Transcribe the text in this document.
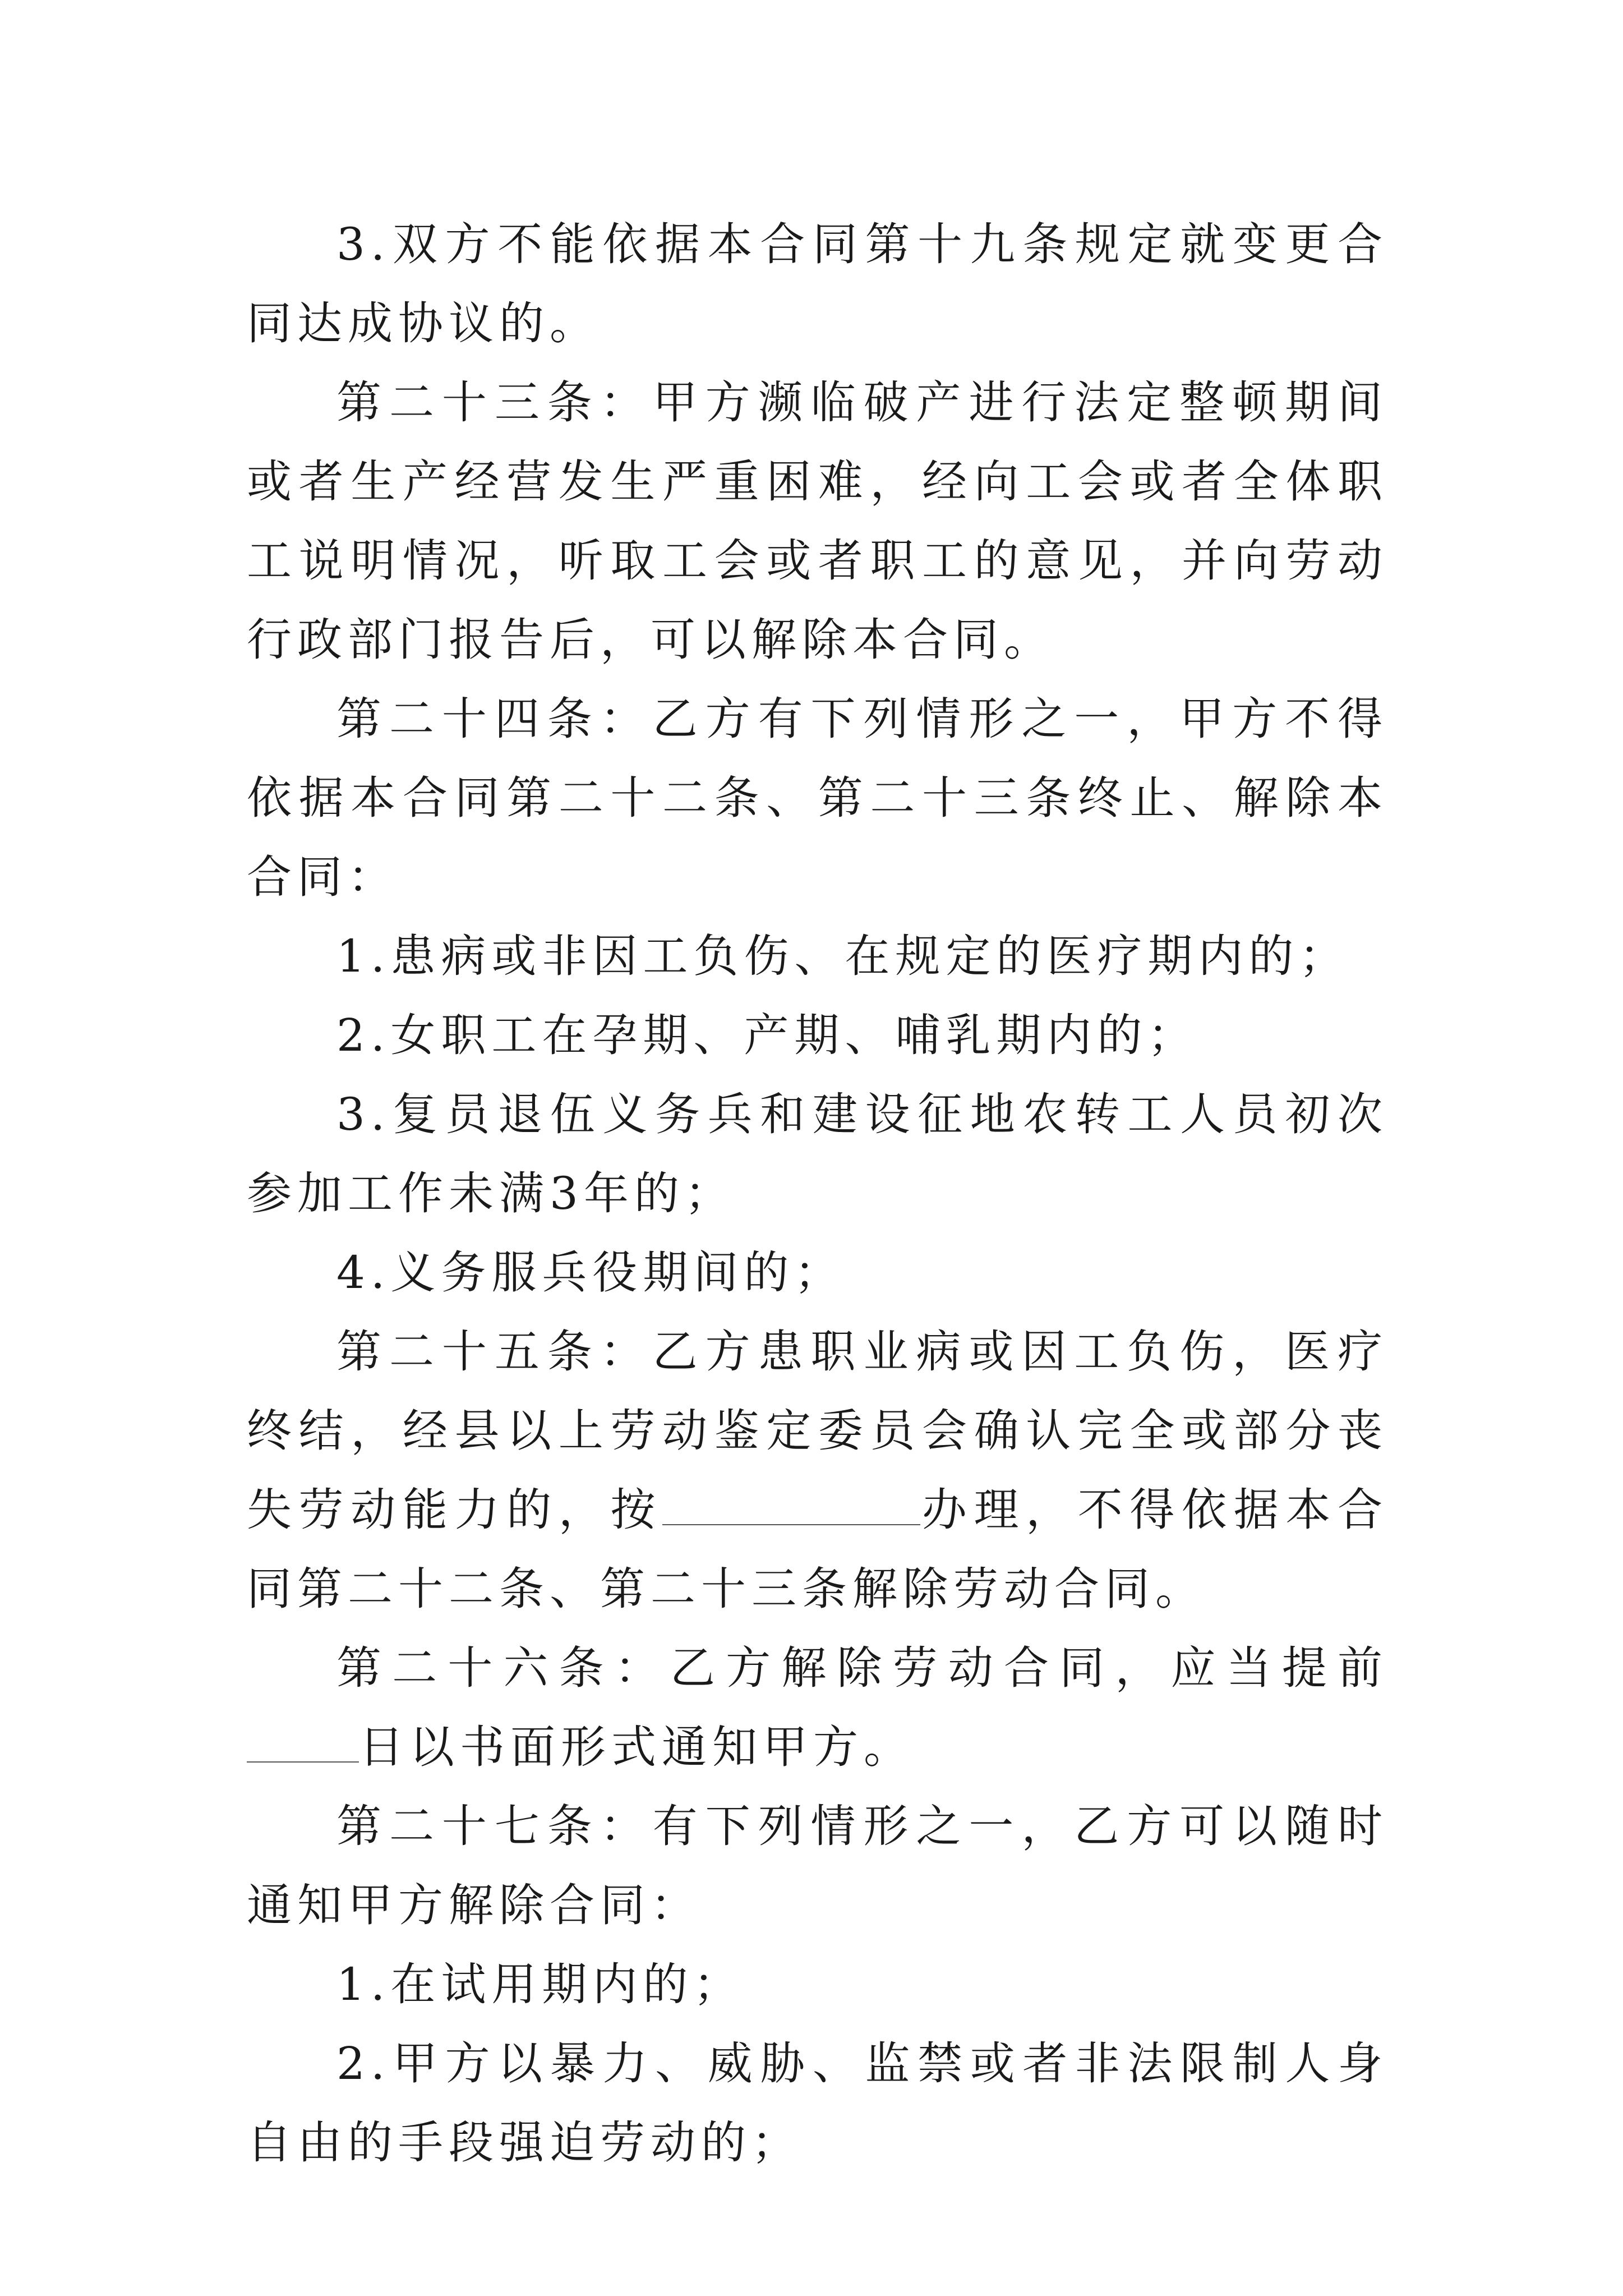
3.双方不能依据本合同第十九条规定就变更合同达成协议的。

第二十三条：甲方濒临破产进行法定整顿期间或者生产经营发生严重困难，经向工会或者全体职工说明情况，听取工会或者职工的意见，并向劳动行政部门报告后，可以解除本合同。

第二十四条：乙方有下列情形之一，甲方不得依据本合同第二十二条、第二十三条终止、解除本合同：

1.患病或非因工负伤、在规定的医疗期内的；

2.女职工在孕期、产期、哺乳期内的；

3.复员退伍义务兵和建设征地农转工人员初次参加工作未满3年的；

4.义务服兵役期间的；

第二十五条：乙方患职业病或因工负伤，医疗终结，经县以上劳动鉴定委员会确认完全或部分丧失劳动能力的，按	办理，不得依据本合同第二十二条、第二十三条解除劳动合同。

第二十六条：乙方解除劳动合同，应当提前日以书面形式通知甲方。

第二十七条：有下列情形之一，乙方可以随时通知甲方解除合同：

1.在试用期内的；

2.甲方以暴力、威胁、监禁或者非法限制人身自由的手段强迫劳动的；
